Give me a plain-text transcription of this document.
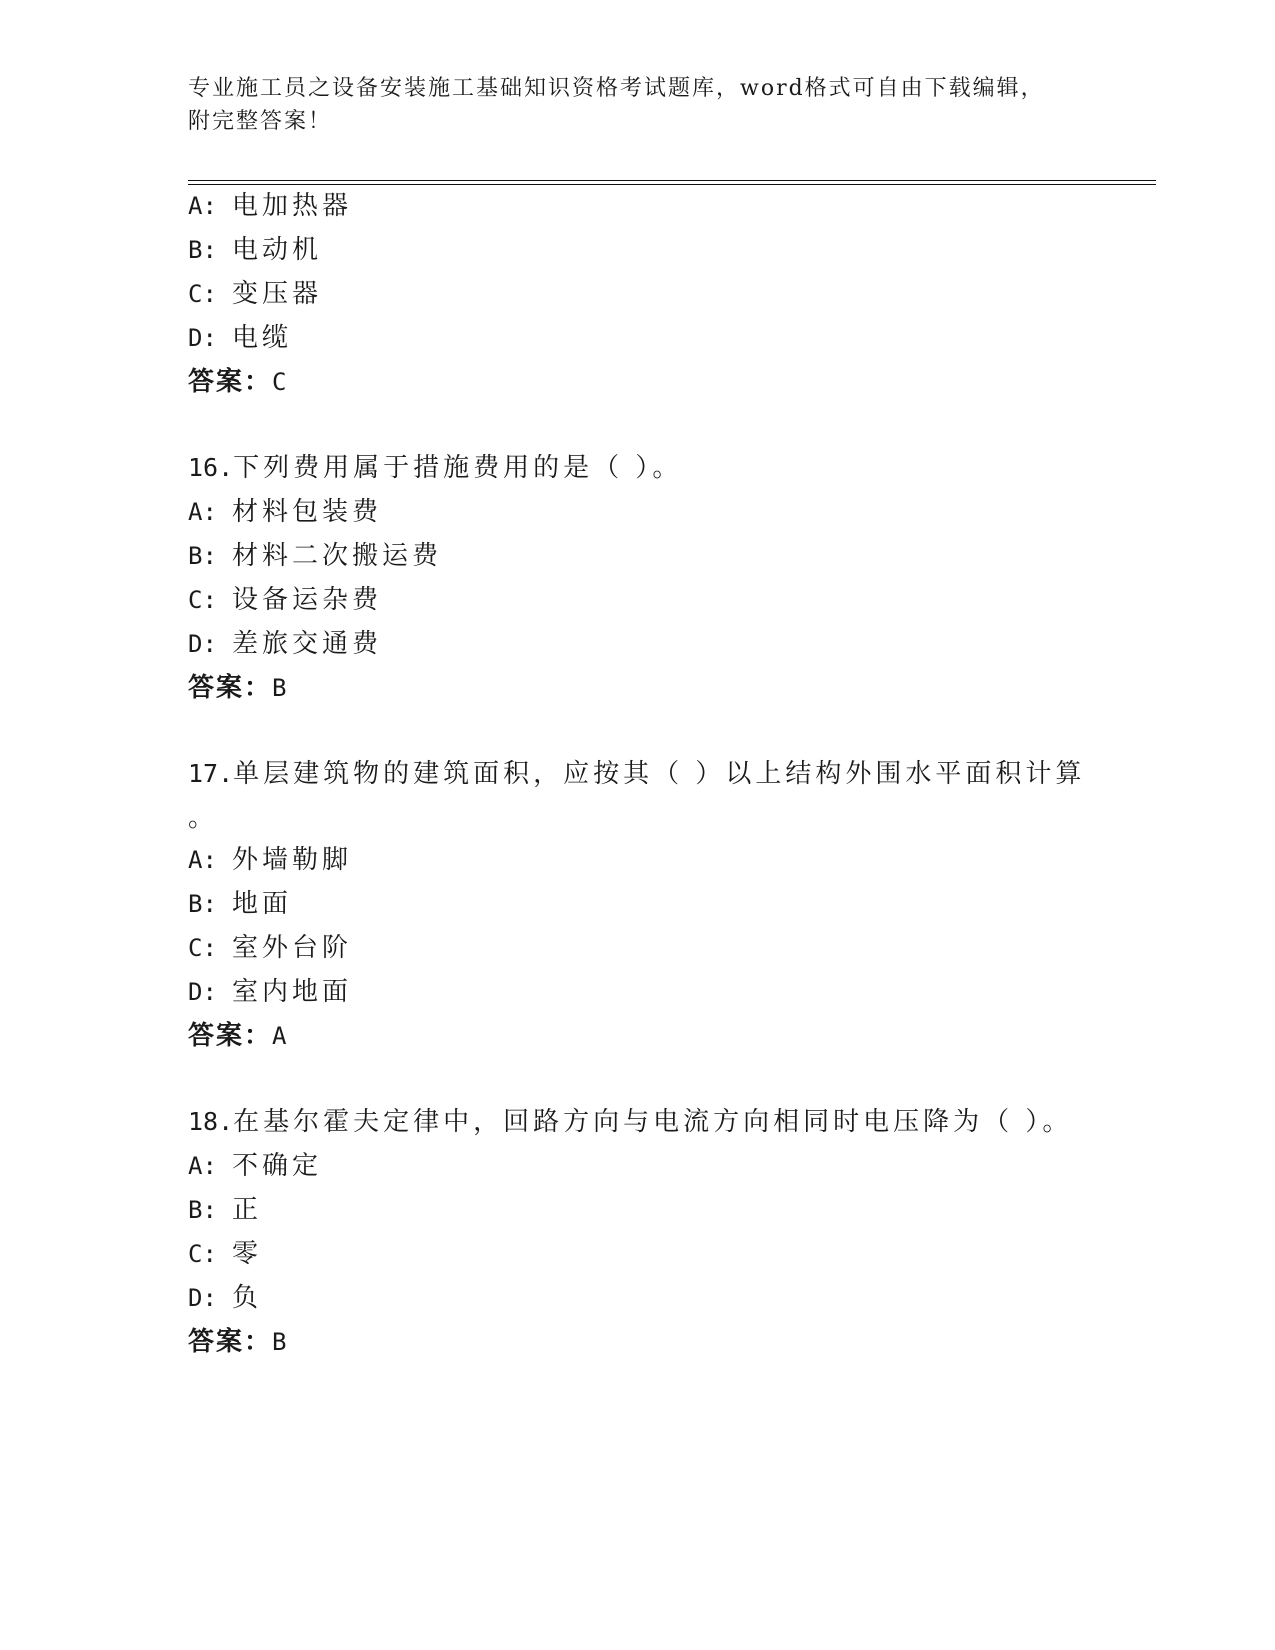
专业施工员之设备安装施工基础知识资格考试题库，word格式可自由下载编辑，
附完整答案！
A: 电加热器
B: 电动机
C: 变压器
D: 电缆
答案：C
16.下列费用属于措施费用的是（ ）。
A: 材料包装费
B: 材料二次搬运费
C: 设备运杂费
D: 差旅交通费
答案：B
17.单层建筑物的建筑面积，应按其（ ）以上结构外围水平面积计算
。
A: 外墙勒脚
B: 地面
C: 室外台阶
D: 室内地面
答案：A
18.在基尔霍夫定律中，回路方向与电流方向相同时电压降为（ ）。
A: 不确定
B: 正
C: 零
D: 负
答案：B
